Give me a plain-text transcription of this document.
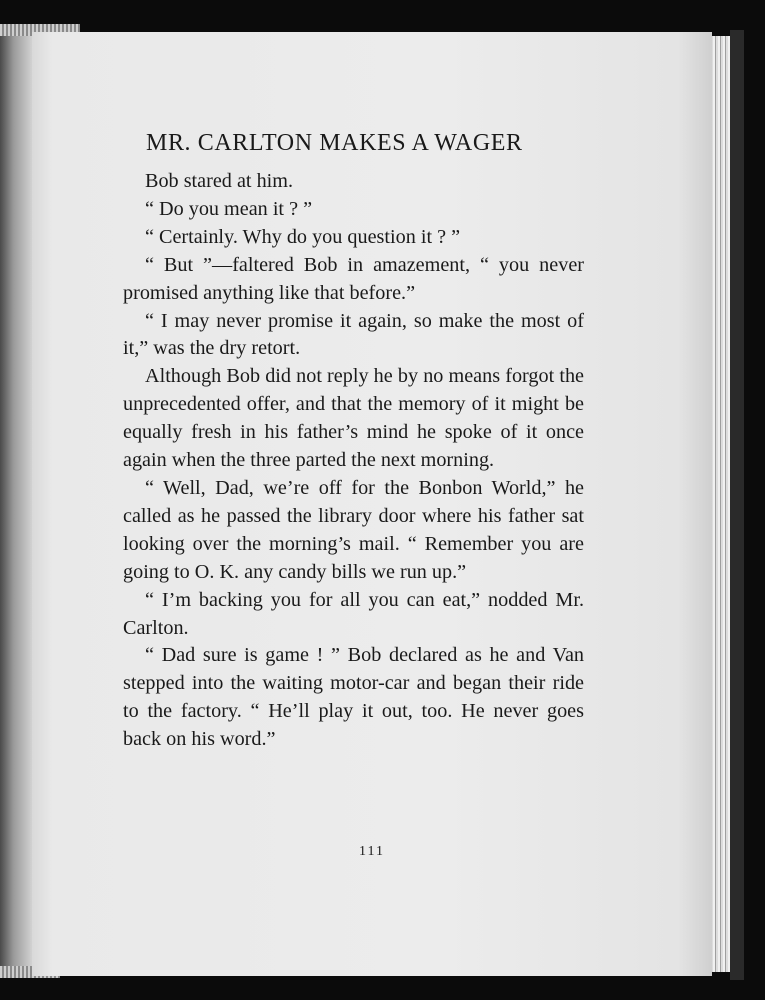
111
MR. CARLTON MAKES A WAGER

Bob stared at him.

“ Do you mean it ? ”

“ Certainly. Why do you question it ? ”

“ But ”—faltered Bob in amazement, “ you never promised anything like that before.”

“ I may never promise it again, so make the most of it,” was the dry retort.

Although Bob did not reply he by no means forgot the unprecedented offer, and that the memory of it might be equally fresh in his father’s mind he spoke of it once again when the three parted the next morning.

“ Well, Dad, we’re off for the Bonbon World,” he called as he passed the library door where his father sat looking over the morning’s mail. “ Remember you are going to O. K. any candy bills we run up.”

“ I’m backing you for all you can eat,” nodded Mr. Carlton.

“ Dad sure is game ! ” Bob declared as he and Van stepped into the waiting motor-car and began their ride to the factory. “ He’ll play it out, too. He never goes back on his word.”
